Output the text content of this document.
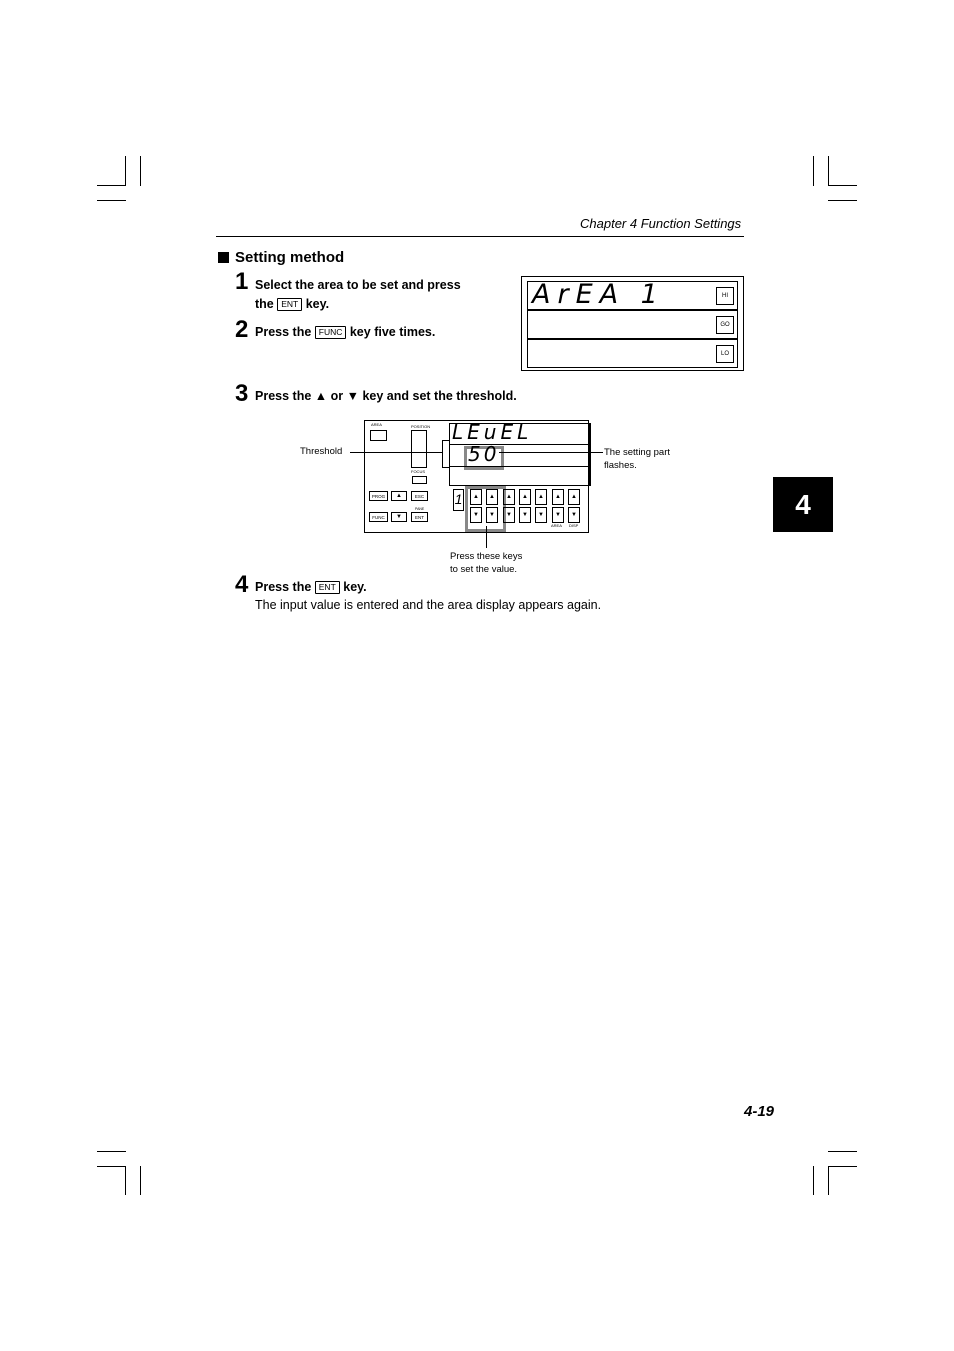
Chapter 4 Function Settings
Setting method
1 Select the area to be set and press
the ENT key.
2 Press the FUNC key five times.
ArEA 1	HI
GO
LO
3 Press the ▲ or ▼ key and set the threshold.
AREA	POSITION
FOCUS
PROG	▲	ESC
FUNC	▼	ENT
PANE
LEuEL
50
1	▲
▼
▲
▼
▲
▼
▲
▼
▲
▼
▲
▼
▲
▼
AREA DISP
Threshold	The setting part
flashes.
Press these keys
to set the value.
4 Press the ENT key.
The input value is entered and the area display appears again.
4
4-19
